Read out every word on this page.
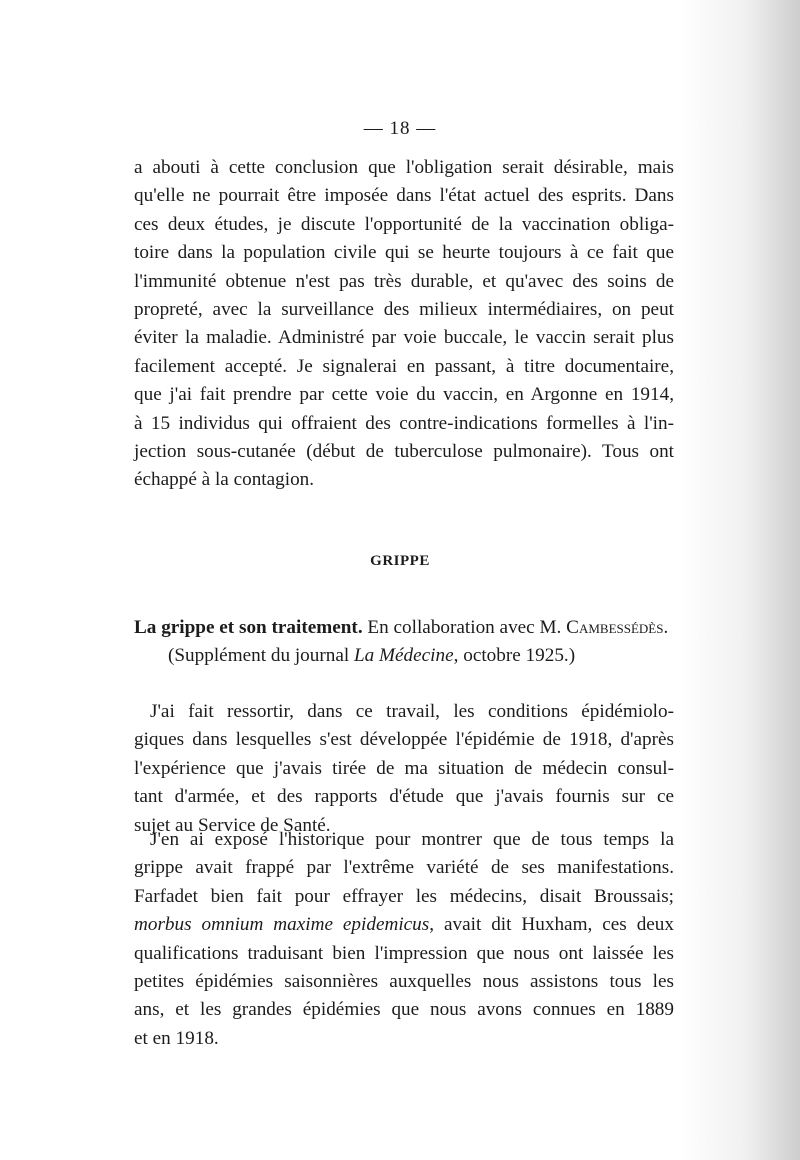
— 18 —
a abouti à cette conclusion que l'obligation serait désirable, mais
qu'elle ne pourrait être imposée dans l'état actuel des esprits. Dans
ces deux études, je discute l'opportunité de la vaccination obliga-
toire dans la population civile qui se heurte toujours à ce fait que
l'immunité obtenue n'est pas très durable, et qu'avec des soins de
propreté, avec la surveillance des milieux intermédiaires, on peut
éviter la maladie. Administré par voie buccale, le vaccin serait plus
facilement accepté. Je signalerai en passant, à titre documentaire,
que j'ai fait prendre par cette voie du vaccin, en Argonne en 1914,
à 15 individus qui offraient des contre-indications formelles à l'in-
jection sous-cutanée (début de tuberculose pulmonaire). Tous ont
échappé à la contagion.
GRIPPE
La grippe et son traitement. En collaboration avec M. Cambessédès.
(Supplément du journal La Médecine, octobre 1925.)
J'ai fait ressortir, dans ce travail, les conditions épidémiolo-
giques dans lesquelles s'est développée l'épidémie de 1918, d'après
l'expérience que j'avais tirée de ma situation de médecin consul-
tant d'armée, et des rapports d'étude que j'avais fournis sur ce
sujet au Service de Santé.
J'en ai exposé l'historique pour montrer que de tous temps la
grippe avait frappé par l'extrême variété de ses manifestations.
Farfadet bien fait pour effrayer les médecins, disait Broussais;
morbus omnium maxime epidemicus, avait dit Huxham, ces deux
qualifications traduisant bien l'impression que nous ont laissée les
petites épidémies saisonnières auxquelles nous assistons tous les
ans, et les grandes épidémies que nous avons connues en 1889
et en 1918.
